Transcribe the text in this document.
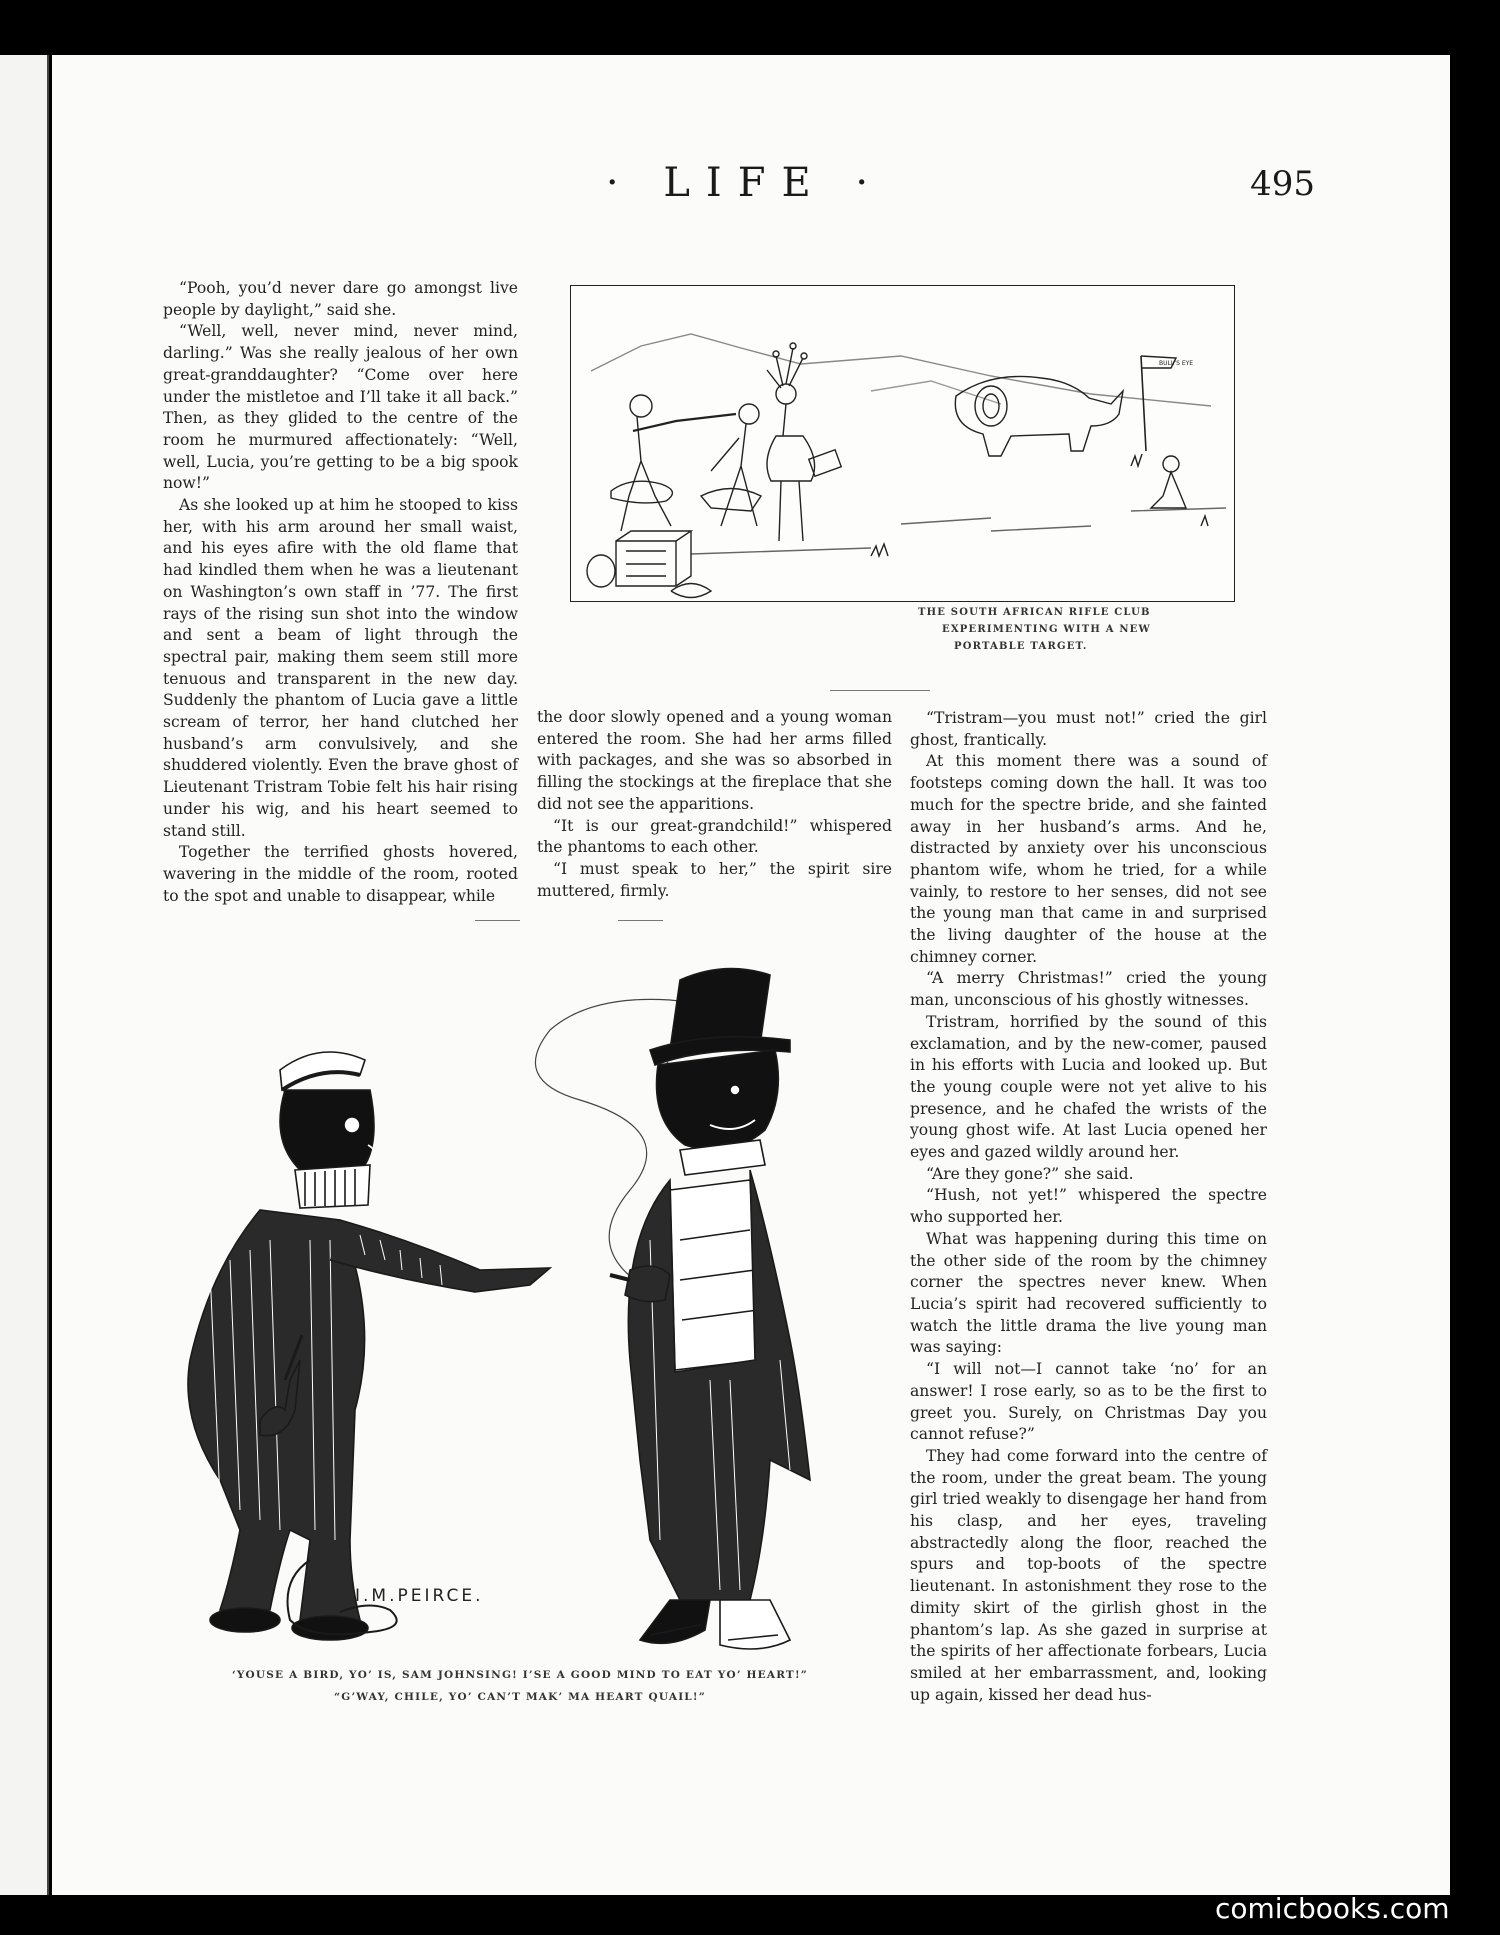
· LIFE ·	495

“Pooh, you’d never dare go amongst live people by daylight,” said she.

“Well, well, never mind, never mind, darling.” Was she really jealous of her own great-granddaughter? “Come over here under the mistletoe and I’ll take it all back.” Then, as they glided to the centre of the room he murmured affectionately: “Well, well, Lucia, you’re getting to be a big spook now!”

As she looked up at him he stooped to kiss her, with his arm around her small waist, and his eyes afire with the old flame that had kindled them when he was a lieutenant on Washington’s own staff in ’77. The first rays of the rising sun shot into the window and sent a beam of light through the spectral pair, making them seem still more tenuous and transparent in the new day. Suddenly the phantom of Lucia gave a little scream of terror, her hand clutched her husband’s arm convulsively, and she shuddered violently. Even the brave ghost of Lieutenant Tristram Tobie felt his hair rising under his wig, and his heart seemed to stand still.

Together the terrified ghosts hovered, wavering in the middle of the room, rooted to the spot and unable to disappear, while

BULL’S EYE
THE SOUTH AFRICAN RIFLE CLUB
EXPERIMENTING WITH A NEW
PORTABLE TARGET.

the door slowly opened and a young woman entered the room. She had her arms filled with packages, and she was so absorbed in filling the stockings at the fireplace that she did not see the apparitions.

“It is our great-grandchild!” whispered the phantoms to each other.

“I must speak to her,” the spirit sire muttered, firmly.

“Tristram—you must not!” cried the girl ghost, frantically.

At this moment there was a sound of footsteps coming down the hall. It was too much for the spectre bride, and she fainted away in her husband’s arms. And he, distracted by anxiety over his unconscious phantom wife, whom he tried, for a while vainly, to restore to her senses, did not see the young man that came in and surprised the living daughter of the house at the chimney corner.

“A merry Christmas!” cried the young man, unconscious of his ghostly witnesses.

Tristram, horrified by the sound of this exclamation, and by the new-comer, paused in his efforts with Lucia and looked up. But the young couple were not yet alive to his presence, and he chafed the wrists of the young ghost wife. At last Lucia opened her eyes and gazed wildly around her.

“Are they gone?” she said.

“Hush, not yet!” whispered the spectre who supported her.

What was happening during this time on the other side of the room by the chimney corner the spectres never knew. When Lucia’s spirit had recovered sufficiently to watch the little drama the live young man was saying:

“I will not—I cannot take ‘no’ for an answer! I rose early, so as to be the first to greet you. Surely, on Christmas Day you cannot refuse?”

They had come forward into the centre of the room, under the great beam. The young girl tried weakly to disengage her hand from his clasp, and her eyes, traveling abstractedly along the floor, reached the spurs and top-boots of the spectre lieutenant. In astonishment they rose to the dimity skirt of the girlish ghost in the phantom’s lap. As she gazed in surprise at the spirits of her affectionate forbears, Lucia smiled at her embarrassment, and, looking up again, kissed her dead hus-

I.M.PEIRCE.
‘YOUSE A BIRD, YO’ IS, SAM JOHNSING! I’SE A GOOD MIND TO EAT YO’ HEART!”
“G’WAY, CHILE, YO’ CAN’T MAK’ MA HEART QUAIL!”
comicbooks.com
